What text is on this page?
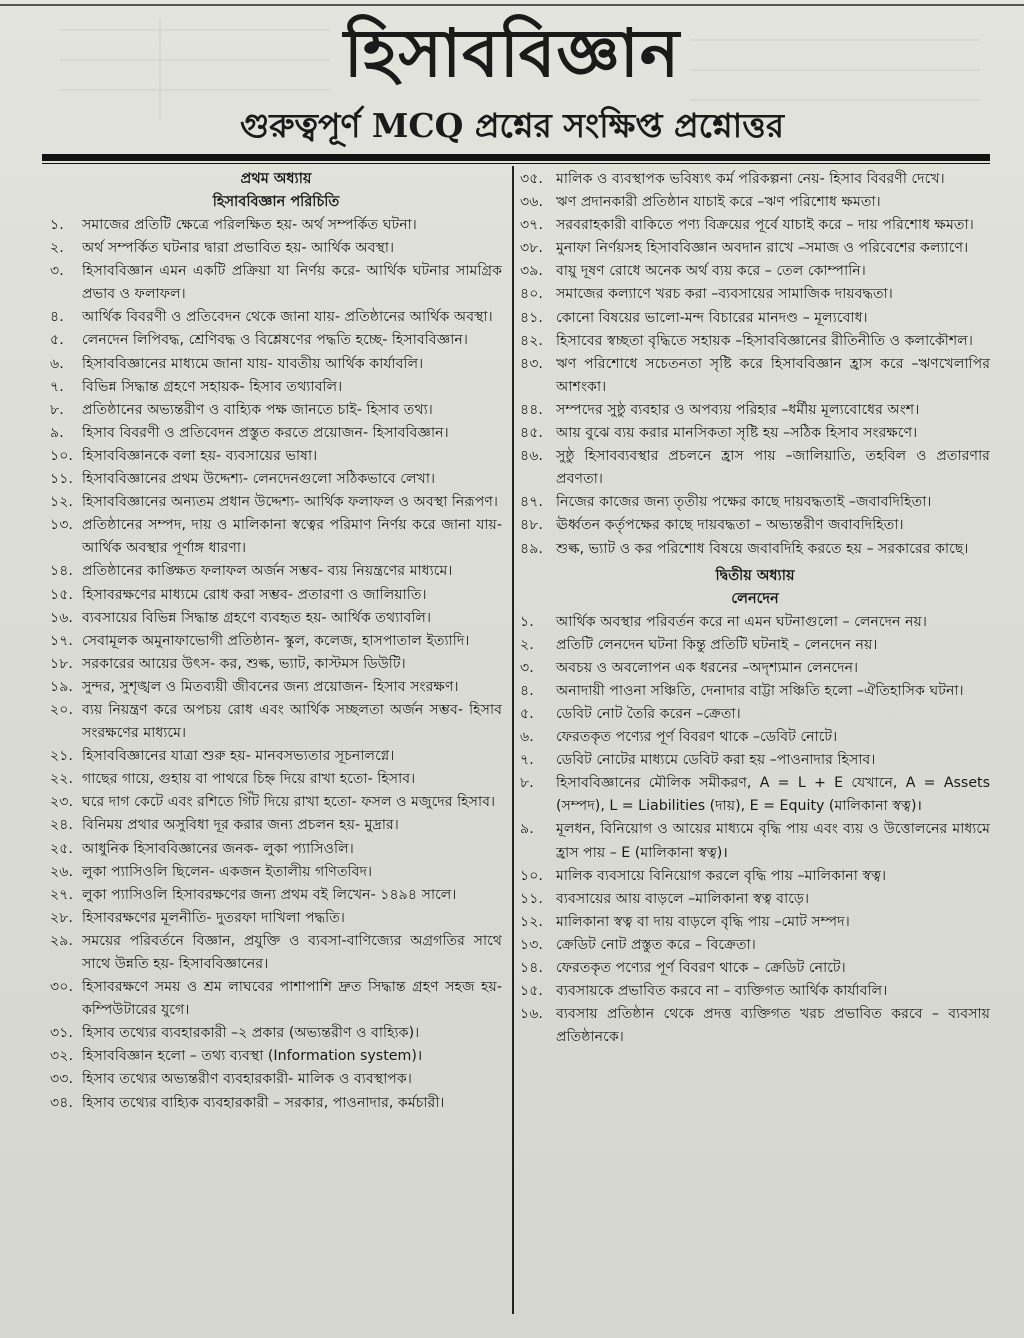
হিসাববিজ্ঞান
গুরুত্বপূর্ণ MCQ প্রশ্নের সংক্ষিপ্ত প্রশ্নোত্তর
প্রথম অধ্যায়
হিসাববিজ্ঞান পরিচিতি
১.	সমাজের প্রতিটি ক্ষেত্রে পরিলক্ষিত হয়- অর্থ সম্পর্কিত ঘটনা।
২.	অর্থ সম্পর্কিত ঘটনার দ্বারা প্রভাবিত হয়- আর্থিক অবস্থা।
৩.	হিসাববিজ্ঞান এমন একটি প্রক্রিয়া যা নির্ণয় করে- আর্থিক ঘটনার সামগ্রিক প্রভাব ও ফলাফল।
৪.	আর্থিক বিবরণী ও প্রতিবেদন থেকে জানা যায়- প্রতিষ্ঠানের আর্থিক অবস্থা।
৫.	লেনদেন লিপিবদ্ধ, শ্রেণিবদ্ধ ও বিশ্লেষণের পদ্ধতি হচ্ছে- হিসাববিজ্ঞান।
৬.	হিসাববিজ্ঞানের মাধ্যমে জানা যায়- যাবতীয় আর্থিক কার্যাবলি।
৭.	বিভিন্ন সিদ্ধান্ত গ্রহণে সহায়ক- হিসাব তথ্যাবলি।
৮.	প্রতিষ্ঠানের অভ্যন্তরীণ ও বাহ্যিক পক্ষ জানতে চাই- হিসাব তথ্য।
৯.	হিসাব বিবরণী ও প্রতিবেদন প্রস্তুত করতে প্রয়োজন- হিসাববিজ্ঞান।
১০. হিসাববিজ্ঞানকে বলা হয়- ব্যবসায়ের ভাষা।
১১. হিসাববিজ্ঞানের প্রথম উদ্দেশ্য- লেনদেনগুলো সঠিকভাবে লেখা।
১২. হিসাববিজ্ঞানের অন্যতম প্রধান উদ্দেশ্য- আর্থিক ফলাফল ও অবস্থা নিরূপণ।
১৩. প্রতিষ্ঠানের সম্পদ, দায় ও মালিকানা স্বত্বের পরিমাণ নির্ণয় করে জানা যায়- আর্থিক অবস্থার পূর্ণাঙ্গ ধারণা।
১৪. প্রতিষ্ঠানের কাঙ্ক্ষিত ফলাফল অর্জন সম্ভব- ব্যয় নিয়ন্ত্রণের মাধ্যমে।
১৫. হিসাবরক্ষণের মাধ্যমে রোধ করা সম্ভব- প্রতারণা ও জালিয়াতি।
১৬. ব্যবসায়ের বিভিন্ন সিদ্ধান্ত গ্রহণে ব্যবহৃত হয়- আর্থিক তথ্যাবলি।
১৭. সেবামূলক অমুনাফাভোগী প্রতিষ্ঠান- স্কুল, কলেজ, হাসপাতাল ইত্যাদি।
১৮. সরকারের আয়ের উৎস- কর, শুল্ক, ভ্যাট, কাস্টমস ডিউটি।
১৯. সুন্দর, সুশৃঙ্খল ও মিতব্যয়ী জীবনের জন্য প্রয়োজন- হিসাব সংরক্ষণ।
২০. ব্যয় নিয়ন্ত্রণ করে অপচয় রোধ এবং আর্থিক সচ্ছলতা অর্জন সম্ভব- হিসাব সংরক্ষণের মাধ্যমে।
২১. হিসাববিজ্ঞানের যাত্রা শুরু হয়- মানবসভ্যতার সূচনালগ্নে।
২২. গাছের গায়ে, গুহায় বা পাথরে চিহ্ন দিয়ে রাখা হতো- হিসাব।
২৩. ঘরে দাগ কেটে এবং রশিতে গিঁট দিয়ে রাখা হতো- ফসল ও মজুদের হিসাব।
২৪. বিনিময় প্রথার অসুবিধা দূর করার জন্য প্রচলন হয়- মুদ্রার।
২৫. আধুনিক হিসাববিজ্ঞানের জনক- লুকা প্যাসিওলি।
২৬. লুকা প্যাসিওলি ছিলেন- একজন ইতালীয় গণিতবিদ।
২৭. লুকা প্যাসিওলি হিসাবরক্ষণের জন্য প্রথম বই লিখেন- ১৪৯৪ সালে।
২৮. হিসাবরক্ষণের মূলনীতি- দুতরফা দাখিলা পদ্ধতি।
২৯. সময়ের পরিবর্তনে বিজ্ঞান, প্রযুক্তি ও ব্যবসা-বাণিজ্যের অগ্রগতির সাথে সাথে উন্নতি হয়- হিসাববিজ্ঞানের।
৩০. হিসাবরক্ষণে সময় ও শ্রম লাঘবের পাশাপাশি দ্রুত সিদ্ধান্ত গ্রহণ সহজ হয়- কম্পিউটারের যুগে।
৩১. হিসাব তথ্যের ব্যবহারকারী –২ প্রকার (অভ্যন্তরীণ ও বাহ্যিক)।
৩২. হিসাববিজ্ঞান হলো – তথ্য ব্যবস্থা (Information system)।
৩৩. হিসাব তথ্যের অভ্যন্তরীণ ব্যবহারকারী- মালিক ও ব্যবস্থাপক।
৩৪. হিসাব তথ্যের বাহ্যিক ব্যবহারকারী – সরকার, পাওনাদার, কর্মচারী।
৩৫. মালিক ও ব্যবস্থাপক ভবিষ্যৎ কর্ম পরিকল্পনা নেয়- হিসাব বিবরণী দেখে।
৩৬. ঋণ প্রদানকারী প্রতিষ্ঠান যাচাই করে –ঋণ পরিশোধ ক্ষমতা।
৩৭. সরবরাহকারী বাকিতে পণ্য বিক্রয়ের পূর্বে যাচাই করে – দায় পরিশোধ ক্ষমতা।
৩৮. মুনাফা নির্ণয়সহ হিসাববিজ্ঞান অবদান রাখে –সমাজ ও পরিবেশের কল্যাণে।
৩৯. বায়ু দূষণ রোধে অনেক অর্থ ব্যয় করে – তেল কোম্পানি।
৪০. সমাজের কল্যাণে খরচ করা –ব্যবসায়ের সামাজিক দায়বদ্ধতা।
৪১. কোনো বিষয়ের ভালো-মন্দ বিচারের মানদণ্ড – মূল্যবোধ।
৪২. হিসাবের স্বচ্ছতা বৃদ্ধিতে সহায়ক –হিসাববিজ্ঞানের রীতিনীতি ও কলাকৌশল।
৪৩. ঋণ পরিশোধে সচেতনতা সৃষ্টি করে হিসাববিজ্ঞান হ্রাস করে –ঋণখেলাপির আশংকা।
৪৪. সম্পদের সুষ্ঠু ব্যবহার ও অপব্যয় পরিহার –ধর্মীয় মূল্যবোধের অংশ।
৪৫. আয় বুঝে ব্যয় করার মানসিকতা সৃষ্টি হয় –সঠিক হিসাব সংরক্ষণে।
৪৬. সুষ্ঠু হিসাবব্যবস্থার প্রচলনে হ্রাস পায় –জালিয়াতি, তহবিল ও প্রতারণার প্রবণতা।
৪৭. নিজের কাজের জন্য তৃতীয় পক্ষের কাছে দায়বদ্ধতাই –জবাবদিহিতা।
৪৮. ঊর্ধ্বতন কর্তৃপক্ষের কাছে দায়বদ্ধতা – অভ্যন্তরীণ জবাবদিহিতা।
৪৯. শুল্ক, ভ্যাট ও কর পরিশোধ বিষয়ে জবাবদিহি করতে হয় – সরকারের কাছে।
দ্বিতীয় অধ্যায়
লেনদেন
১.	আর্থিক অবস্থার পরিবর্তন করে না এমন ঘটনাগুলো – লেনদেন নয়।
২.	প্রতিটি লেনদেন ঘটনা কিন্তু প্রতিটি ঘটনাই – লেনদেন নয়।
৩.	অবচয় ও অবলোপন এক ধরনের –অদৃশ্যমান লেনদেন।
৪.	অনাদায়ী পাওনা সঞ্চিতি, দেনাদার বাট্টা সঞ্চিতি হলো –ঐতিহাসিক ঘটনা।
৫.	ডেবিট নোট তৈরি করেন –ক্রেতা।
৬.	ফেরতকৃত পণ্যের পূর্ণ বিবরণ থাকে –ডেবিট নোটে।
৭.	ডেবিট নোটের মাধ্যমে ডেবিট করা হয় –পাওনাদার হিসাব।
৮.	হিসাববিজ্ঞানের মৌলিক সমীকরণ, A = L + E যেখানে, A = Assets (সম্পদ), L = Liabilities (দায়), E = Equity (মালিকানা স্বত্ব)।
৯.	মূলধন, বিনিয়োগ ও আয়ের মাধ্যমে বৃদ্ধি পায় এবং ব্যয় ও উত্তোলনের মাধ্যমে হ্রাস পায় – E (মালিকানা স্বত্ব)।
১০. মালিক ব্যবসায়ে বিনিয়োগ করলে বৃদ্ধি পায় –মালিকানা স্বত্ব।
১১. ব্যবসায়ের আয় বাড়লে –মালিকানা স্বত্ব বাড়ে।
১২. মালিকানা স্বত্ব বা দায় বাড়লে বৃদ্ধি পায় –মোট সম্পদ।
১৩. ক্রেডিট নোট প্রস্তুত করে – বিক্রেতা।
১৪. ফেরতকৃত পণ্যের পূর্ণ বিবরণ থাকে – ক্রেডিট নোটে।
১৫. ব্যবসায়কে প্রভাবিত করবে না – ব্যক্তিগত আর্থিক কার্যাবলি।
১৬. ব্যবসায় প্রতিষ্ঠান থেকে প্রদত্ত ব্যক্তিগত খরচ প্রভাবিত করবে – ব্যবসায় প্রতিষ্ঠানকে।
